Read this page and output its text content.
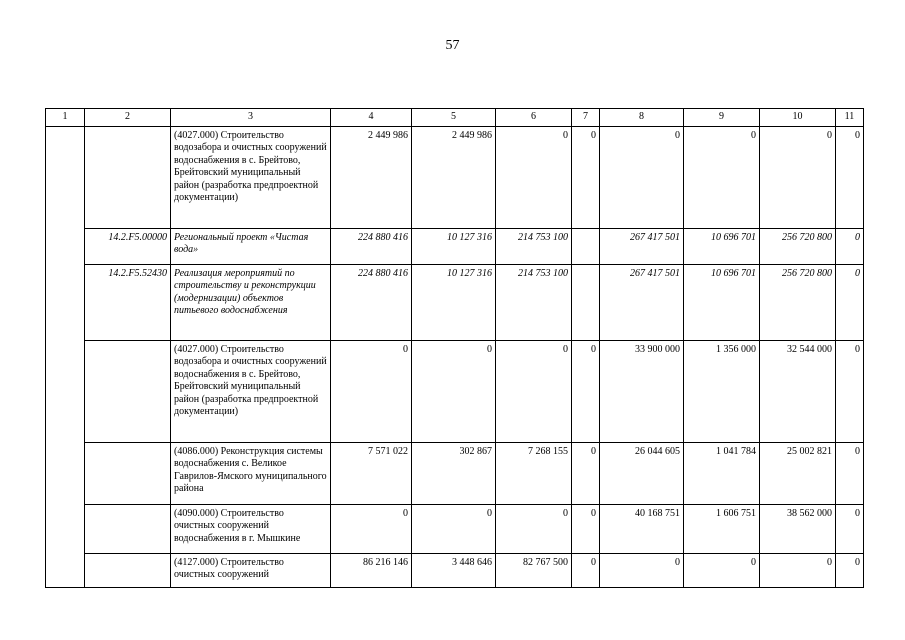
57
1	2	3	4	5	6	7	8	9	10	11
		(4027.000) Строительство водозабора и очистных сооружений водоснабжения в с. Брейтово, Брейтовский муниципальный район (разработка предпроектной документации)	2 449 986	2 449 986	0	0	0	0	0	0
	14.2.F5.00000	Региональный проект «Чистая вода»	224 880 416	10 127 316	214 753 100		267 417 501	10 696 701	256 720 800	0
	14.2.F5.52430	Реализация мероприятий по строительству и реконструкции (модернизации) объектов питьевого водоснабжения	224 880 416	10 127 316	214 753 100		267 417 501	10 696 701	256 720 800	0
		(4027.000) Строительство водозабора и очистных сооружений водоснабжения в с. Брейтово, Брейтовский муниципальный район (разработка предпроектной документации)	0	0	0	0	33 900 000	1 356 000	32 544 000	0
		(4086.000) Реконструкция системы водоснабжения с. Великое Гаврилов-Ямского муниципального района	7 571 022	302 867	7 268 155	0	26 044 605	1 041 784	25 002 821	0
		(4090.000) Строительство очистных сооружений водоснабжения в г. Мышкине	0	0	0	0	40 168 751	1 606 751	38 562 000	0
		(4127.000) Строительство очистных сооружений	86 216 146	3 448 646	82 767 500	0	0	0	0	0
